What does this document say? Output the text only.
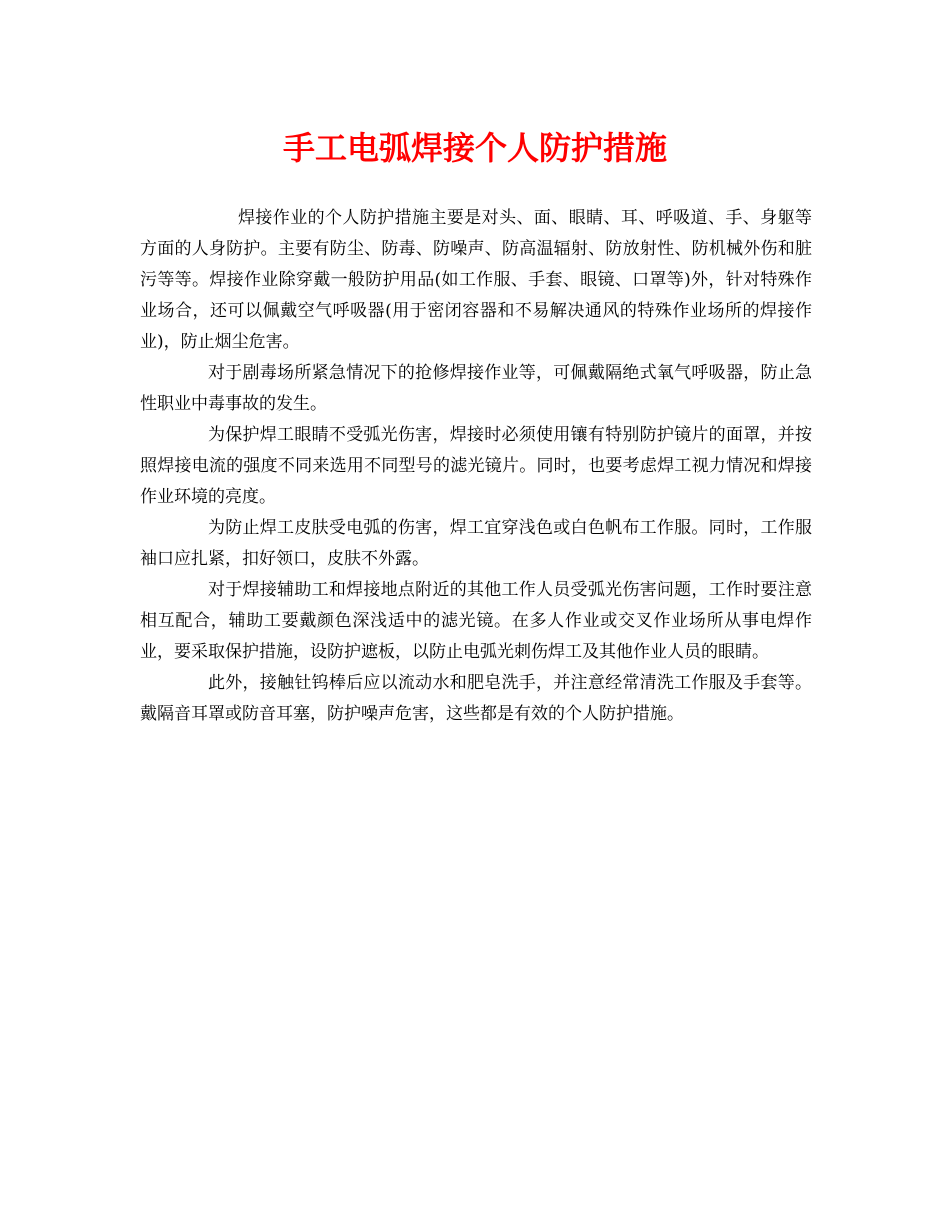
手工电弧焊接个人防护措施

焊接作业的个人防护措施主要是对头、面、眼睛、耳、呼吸道、手、身躯等方面的人身防护。主要有防尘、防毒、防噪声、防高温辐射、防放射性、防机械外伤和脏污等等。焊接作业除穿戴一般防护用品(如工作服、手套、眼镜、口罩等)外，针对特殊作业场合，还可以佩戴空气呼吸器(用于密闭容器和不易解决通风的特殊作业场所的焊接作业)，防止烟尘危害。

对于剧毒场所紧急情况下的抢修焊接作业等，可佩戴隔绝式氧气呼吸器，防止急性职业中毒事故的发生。

为保护焊工眼睛不受弧光伤害，焊接时必须使用镶有特别防护镜片的面罩，并按照焊接电流的强度不同来选用不同型号的滤光镜片。同时，也要考虑焊工视力情况和焊接作业环境的亮度。

为防止焊工皮肤受电弧的伤害，焊工宜穿浅色或白色帆布工作服。同时，工作服袖口应扎紧，扣好领口，皮肤不外露。

对于焊接辅助工和焊接地点附近的其他工作人员受弧光伤害问题，工作时要注意相互配合，辅助工要戴颜色深浅适中的滤光镜。在多人作业或交叉作业场所从事电焊作业，要采取保护措施，设防护遮板，以防止电弧光刺伤焊工及其他作业人员的眼睛。

此外，接触钍钨棒后应以流动水和肥皂洗手，并注意经常清洗工作服及手套等。戴隔音耳罩或防音耳塞，防护噪声危害，这些都是有效的个人防护措施。
